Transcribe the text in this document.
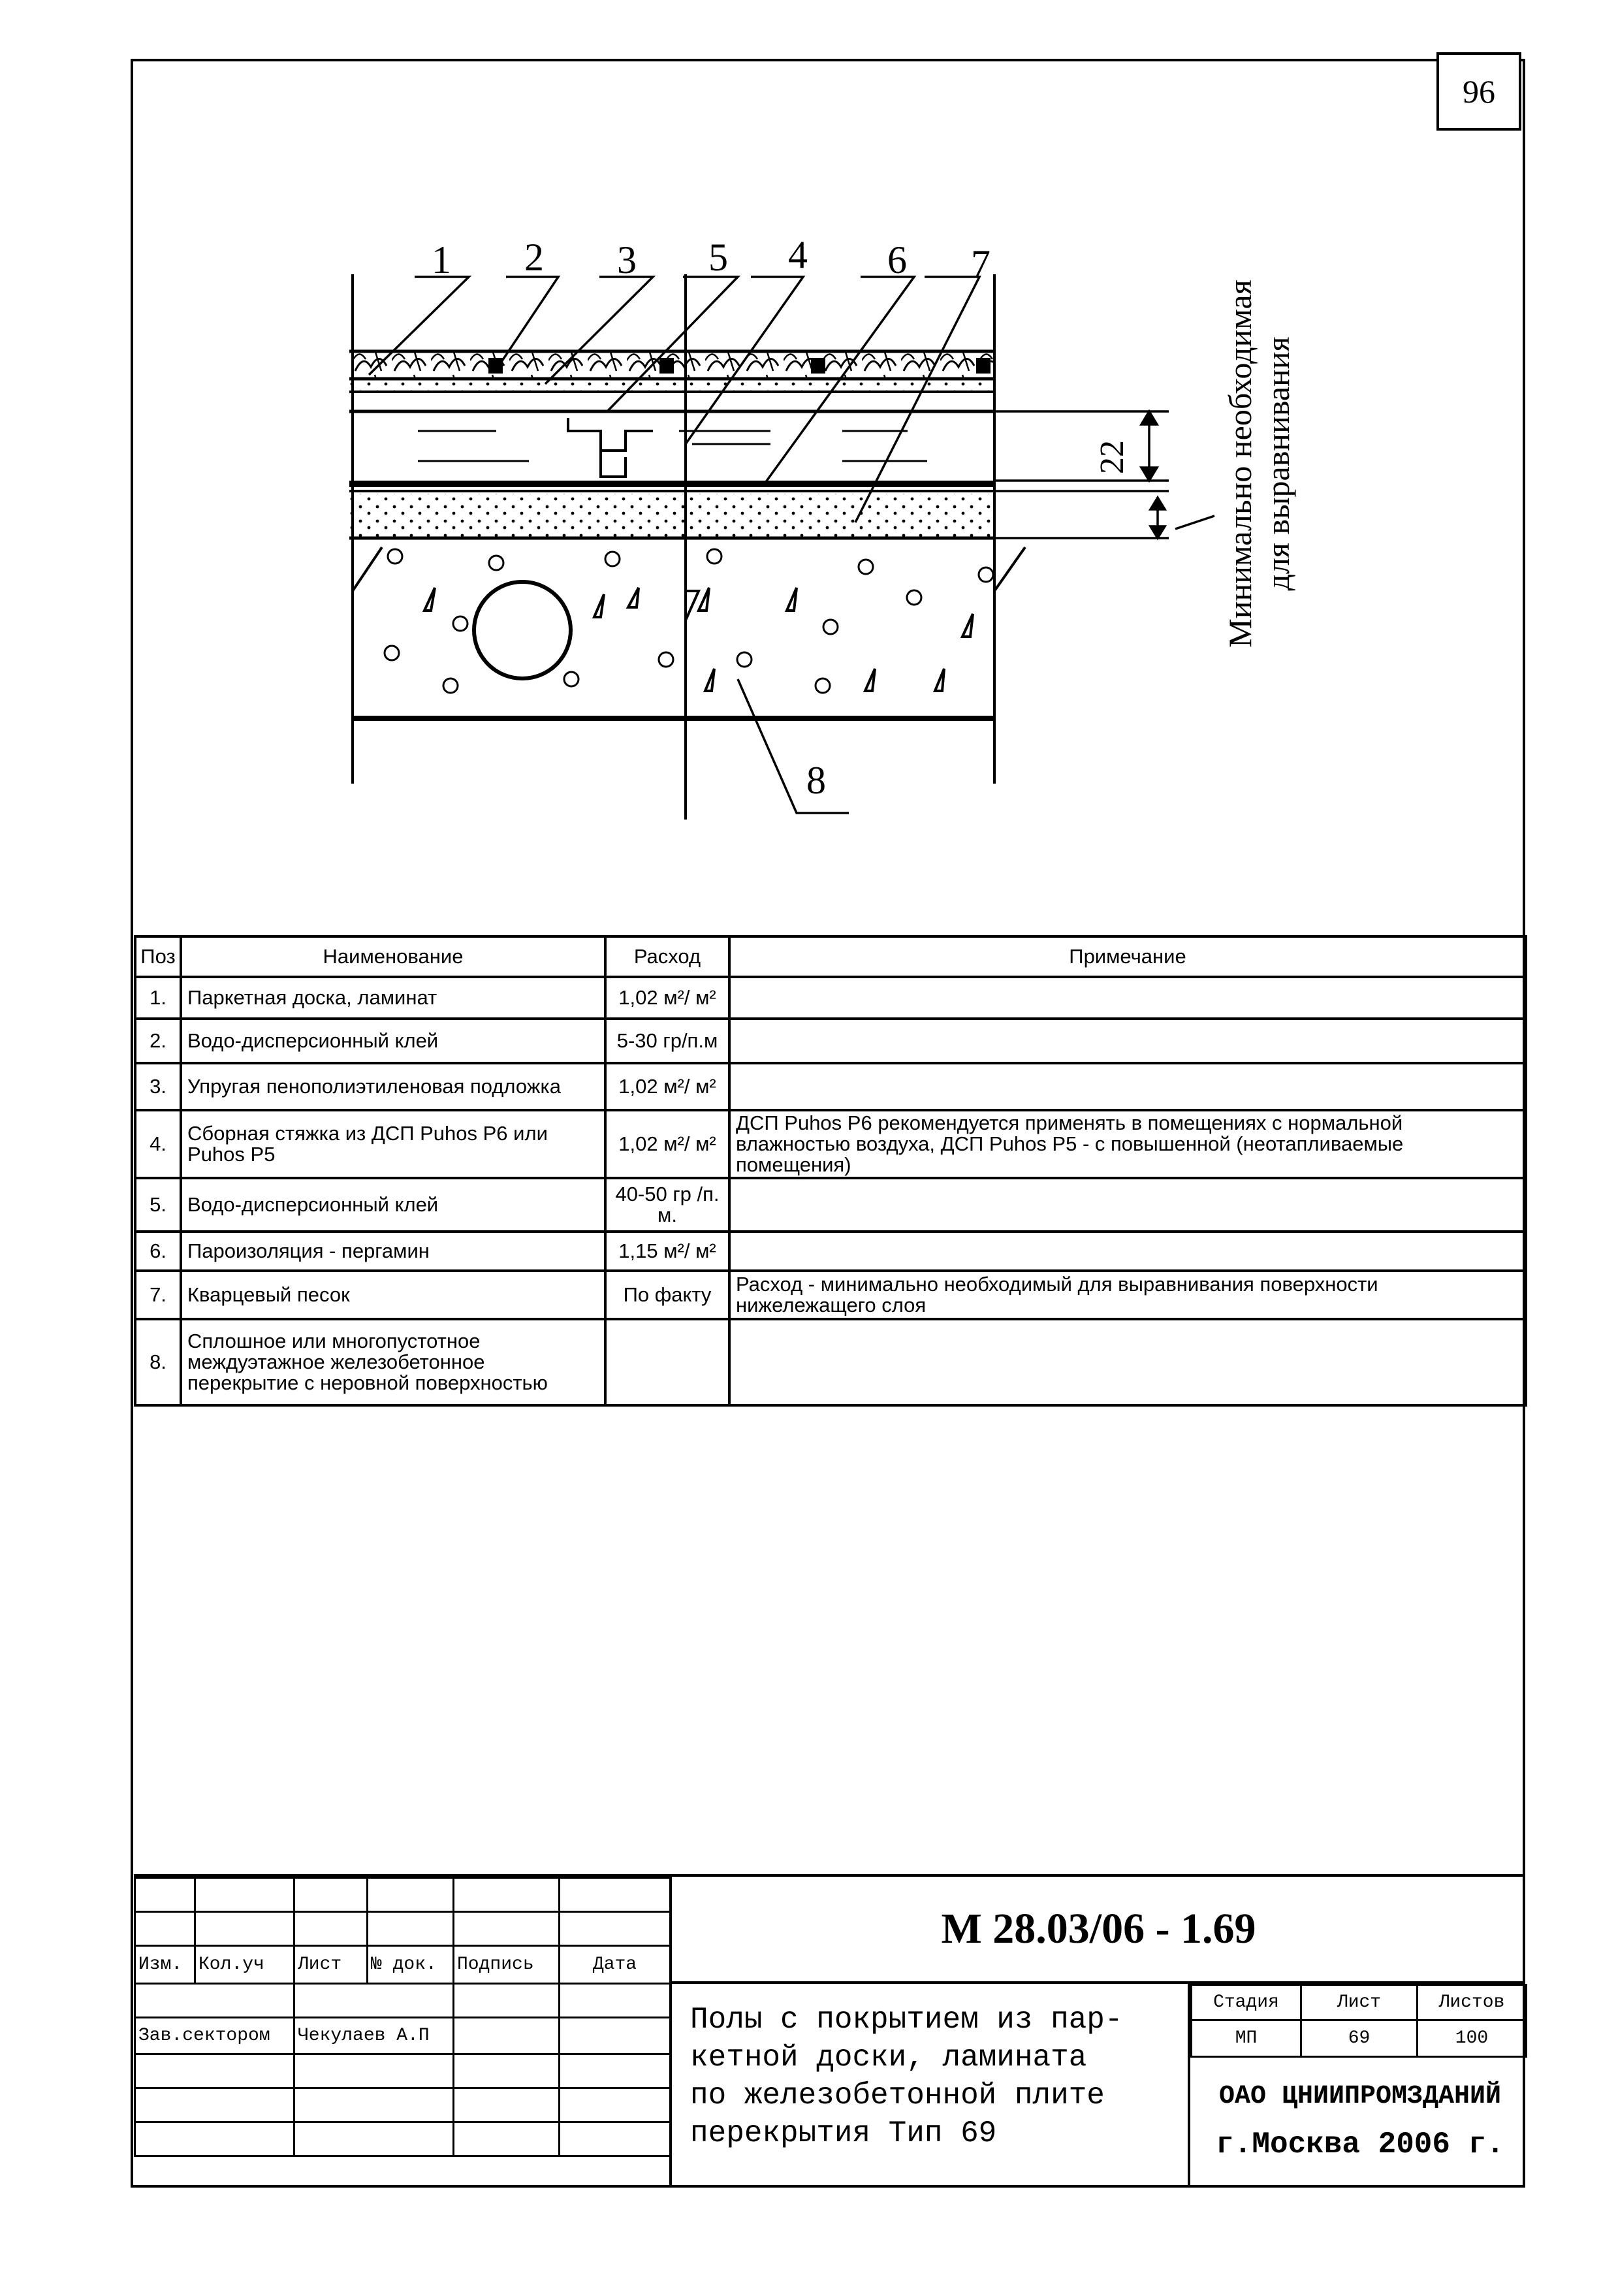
96
1 2 3 5 4 6 7
8
22	Минимально необходимая для выравнивания
Поз	Наименование	Расход	Примечание
1.	Паркетная доска, ламинат	1,02 м²/ м²	
2.	Водо-дисперсионный клей	5-30 гр/п.м	
3.	Упругая пенополиэтиленовая подложка	1,02 м²/ м²	
4.	Сборная стяжка из ДСП Puhos P6 или Puhos P5	1,02 м²/ м²	ДСП Puhos P6 рекомендуется применять в помещениях с нормальной влажностью воздуха, ДСП Puhos P5 - с повышенной (неотапливаемые помещения)
5.	Водо-дисперсионный клей	40-50 гр /п. м.	
6.	Пароизоляция - пергамин	1,15 м²/ м²	
7.	Кварцевый песок	По факту	Расход - минимально необходимый для выравнивания поверхности нижележащего слоя
8.	Сплошное или многопустотное междуэтажное железобетонное перекрытие с неровной поверхностью		

Изм.	Кол.уч	Лист	№ док.	Подпись	Дата

Зав.сектором	Чекулаев А.П		

М 28.03/06 - 1.69
Полы с покрытием из пар-
кетной доски, ламината
по железобетонной плите
перекрытия Тип 69
Стадия	Лист	Листов
МП	69	100
ОАО ЦНИИПРОМЗДАНИЙ
г.Москва 2006 г.
